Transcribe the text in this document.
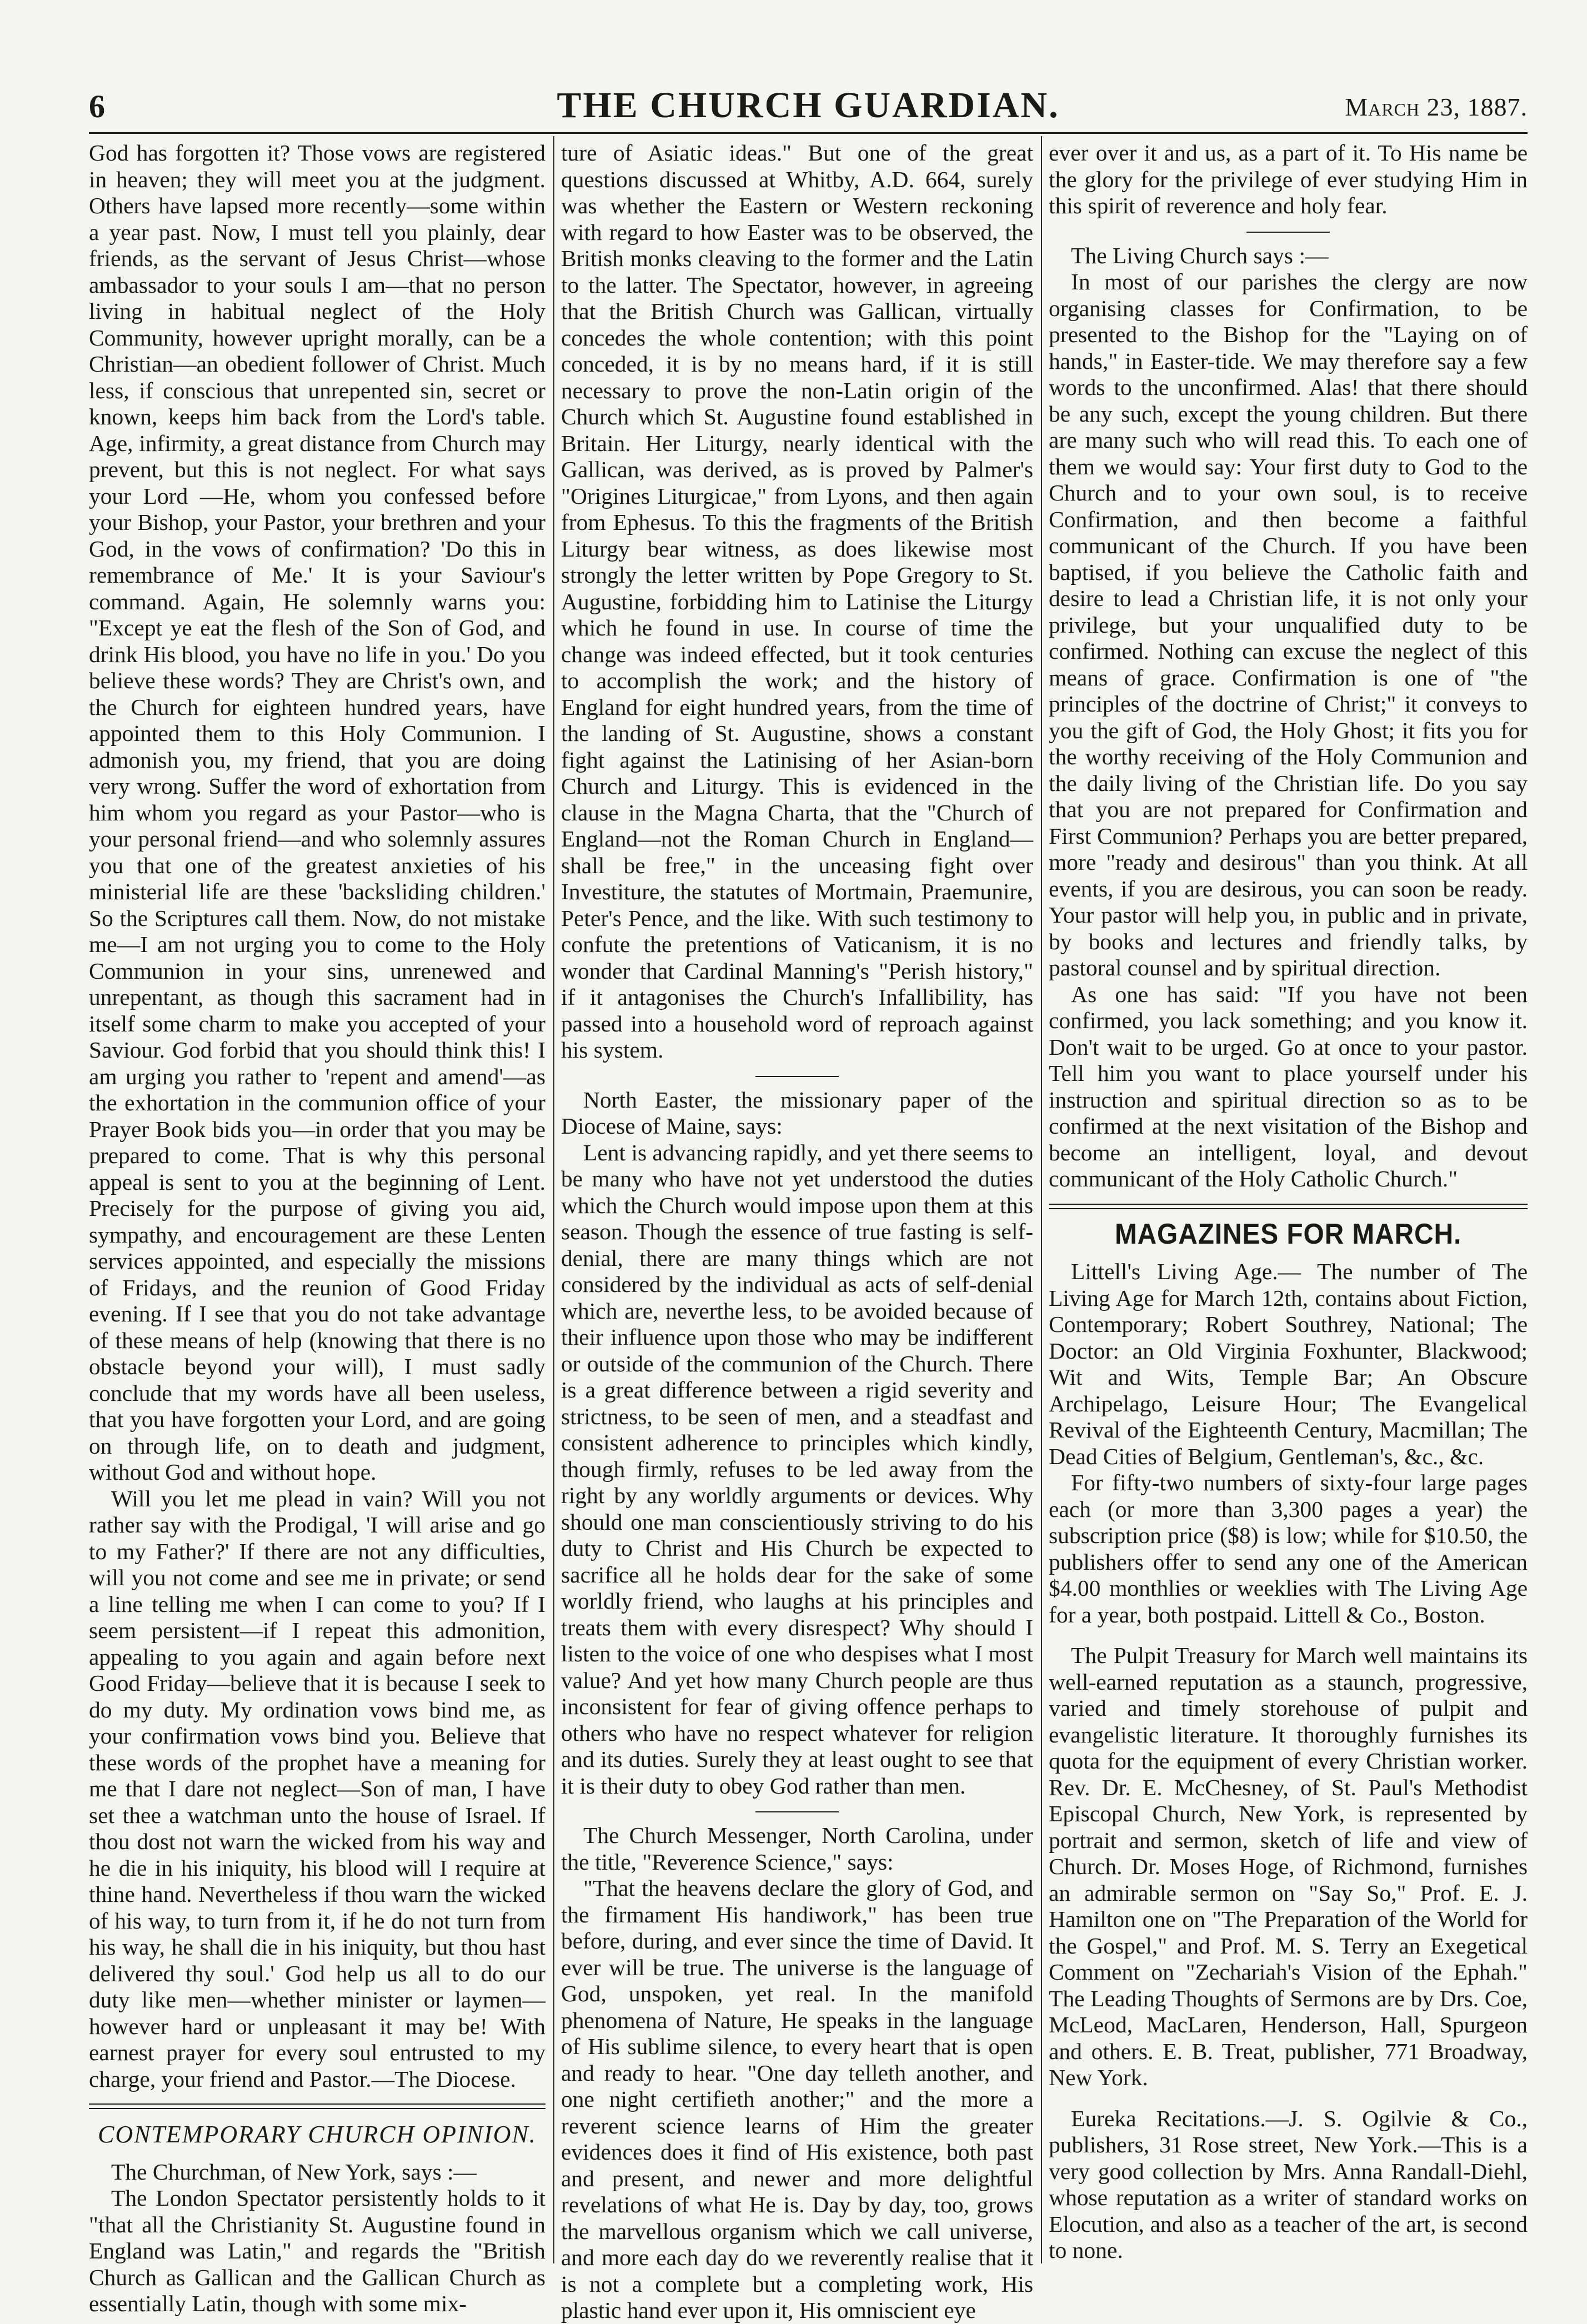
6	THE CHURCH GUARDIAN.	March 23, 1887.

God has forgotten it? Those vows are registered in heaven; they will meet you at the judgment. Others have lapsed more recently—some within a year past. Now, I must tell you plainly, dear friends, as the servant of Jesus Christ—whose ambassador to your souls I am—that no person living in habitual neglect of the Holy Community, however upright morally, can be a Christian—an obedient follower of Christ. Much less, if conscious that unrepented sin, secret or known, keeps him back from the Lord's table. Age, infirmity, a great distance from Church may prevent, but this is not neglect. For what says your Lord —He, whom you confessed before your Bishop, your Pastor, your brethren and your God, in the vows of confirmation? 'Do this in remembrance of Me.' It is your Saviour's command. Again, He solemnly warns you: "Except ye eat the flesh of the Son of God, and drink His blood, you have no life in you.' Do you believe these words? They are Christ's own, and the Church for eighteen hundred years, have appointed them to this Holy Communion. I admonish you, my friend, that you are doing very wrong. Suffer the word of exhortation from him whom you regard as your Pastor—who is your personal friend—and who solemnly assures you that one of the greatest anxieties of his ministerial life are these 'backsliding children.' So the Scriptures call them. Now, do not mistake me—I am not urging you to come to the Holy Communion in your sins, unrenewed and unrepentant, as though this sacrament had in itself some charm to make you accepted of your Saviour. God forbid that you should think this! I am urging you rather to 'repent and amend'—as the exhortation in the communion office of your Prayer Book bids you—in order that you may be prepared to come. That is why this personal appeal is sent to you at the beginning of Lent. Precisely for the purpose of giving you aid, sympathy, and encouragement are these Lenten services appointed, and especially the missions of Fridays, and the reunion of Good Friday evening. If I see that you do not take advantage of these means of help (knowing that there is no obstacle beyond your will), I must sadly conclude that my words have all been useless, that you have forgotten your Lord, and are going on through life, on to death and judgment, without God and without hope.

Will you let me plead in vain? Will you not rather say with the Prodigal, 'I will arise and go to my Father?' If there are not any difficulties, will you not come and see me in private; or send a line telling me when I can come to you? If I seem persistent—if I repeat this admonition, appealing to you again and again before next Good Friday—believe that it is because I seek to do my duty. My ordination vows bind me, as your confirmation vows bind you. Believe that these words of the prophet have a meaning for me that I dare not neglect—Son of man, I have set thee a watchman unto the house of Israel. If thou dost not warn the wicked from his way and he die in his iniquity, his blood will I require at thine hand. Nevertheless if thou warn the wicked of his way, to turn from it, if he do not turn from his way, he shall die in his iniquity, but thou hast delivered thy soul.' God help us all to do our duty like men—whether minister or laymen—however hard or unpleasant it may be! With earnest prayer for every soul entrusted to my charge, your friend and Pastor.—The Diocese.

CONTEMPORARY CHURCH OPINION.

The Churchman, of New York, says :—

The London Spectator persistently holds to it "that all the Christianity St. Augustine found in England was Latin," and regards the "British Church as Gallican and the Gallican Church as essentially Latin, though with some mix-

ture of Asiatic ideas." But one of the great questions discussed at Whitby, A.D. 664, surely was whether the Eastern or Western reckoning with regard to how Easter was to be observed, the British monks cleaving to the former and the Latin to the latter. The Spectator, however, in agreeing that the British Church was Gallican, virtually concedes the whole contention; with this point conceded, it is by no means hard, if it is still necessary to prove the non-Latin origin of the Church which St. Augustine found established in Britain. Her Liturgy, nearly identical with the Gallican, was derived, as is proved by Palmer's "Origines Liturgicae," from Lyons, and then again from Ephesus. To this the fragments of the British Liturgy bear witness, as does likewise most strongly the letter written by Pope Gregory to St. Augustine, forbidding him to Latinise the Liturgy which he found in use. In course of time the change was indeed effected, but it took centuries to accomplish the work; and the history of England for eight hundred years, from the time of the landing of St. Augustine, shows a constant fight against the Latinising of her Asian-born Church and Liturgy. This is evidenced in the clause in the Magna Charta, that the "Church of England—not the Roman Church in England—shall be free," in the unceasing fight over Investiture, the statutes of Mortmain, Praemunire, Peter's Pence, and the like. With such testimony to confute the pretentions of Vaticanism, it is no wonder that Cardinal Manning's "Perish history," if it antagonises the Church's Infallibility, has passed into a household word of reproach against his system.

North Easter, the missionary paper of the Diocese of Maine, says:

Lent is advancing rapidly, and yet there seems to be many who have not yet understood the duties which the Church would impose upon them at this season. Though the essence of true fasting is self-denial, there are many things which are not considered by the individual as acts of self-denial which are, neverthe less, to be avoided because of their influence upon those who may be indifferent or outside of the communion of the Church. There is a great difference between a rigid severity and strictness, to be seen of men, and a steadfast and consistent adherence to principles which kindly, though firmly, refuses to be led away from the right by any worldly arguments or devices. Why should one man conscientiously striving to do his duty to Christ and His Church be expected to sacrifice all he holds dear for the sake of some worldly friend, who laughs at his principles and treats them with every disrespect? Why should I listen to the voice of one who despises what I most value? And yet how many Church people are thus inconsistent for fear of giving offence perhaps to others who have no respect whatever for religion and its duties. Surely they at least ought to see that it is their duty to obey God rather than men.

The Church Messenger, North Carolina, under the title, "Reverence Science," says:

"That the heavens declare the glory of God, and the firmament His handiwork," has been true before, during, and ever since the time of David. It ever will be true. The universe is the language of God, unspoken, yet real. In the manifold phenomena of Nature, He speaks in the language of His sublime silence, to every heart that is open and ready to hear. "One day telleth another, and one night certifieth another;" and the more a reverent science learns of Him the greater evidences does it find of His existence, both past and present, and newer and more delightful revelations of what He is. Day by day, too, grows the marvellous organism which we call universe, and more each day do we reverently realise that it is not a complete but a completing work, His plastic hand ever upon it, His omniscient eye

ever over it and us, as a part of it. To His name be the glory for the privilege of ever studying Him in this spirit of reverence and holy fear.

The Living Church says :—

In most of our parishes the clergy are now organising classes for Confirmation, to be presented to the Bishop for the "Laying on of hands," in Easter-tide. We may therefore say a few words to the unconfirmed. Alas! that there should be any such, except the young children. But there are many such who will read this. To each one of them we would say: Your first duty to God to the Church and to your own soul, is to receive Confirmation, and then become a faithful communicant of the Church. If you have been baptised, if you believe the Catholic faith and desire to lead a Christian life, it is not only your privilege, but your unqualified duty to be confirmed. Nothing can excuse the neglect of this means of grace. Confirmation is one of "the principles of the doctrine of Christ;" it conveys to you the gift of God, the Holy Ghost; it fits you for the worthy receiving of the Holy Communion and the daily living of the Christian life. Do you say that you are not prepared for Confirmation and First Communion? Perhaps you are better prepared, more "ready and desirous" than you think. At all events, if you are desirous, you can soon be ready. Your pastor will help you, in public and in private, by books and lectures and friendly talks, by pastoral counsel and by spiritual direction.

As one has said: "If you have not been confirmed, you lack something; and you know it. Don't wait to be urged. Go at once to your pastor. Tell him you want to place yourself under his instruction and spiritual direction so as to be confirmed at the next visitation of the Bishop and become an intelligent, loyal, and devout communicant of the Holy Catholic Church."

MAGAZINES FOR MARCH.

Littell's Living Age.— The number of The Living Age for March 12th, contains about Fiction, Contemporary; Robert Southrey, National; The Doctor: an Old Virginia Foxhunter, Blackwood; Wit and Wits, Temple Bar; An Obscure Archipelago, Leisure Hour; The Evangelical Revival of the Eighteenth Century, Macmillan; The Dead Cities of Belgium, Gentleman's, &c., &c.

For fifty-two numbers of sixty-four large pages each (or more than 3,300 pages a year) the subscription price ($8) is low; while for $10.50, the publishers offer to send any one of the American $4.00 monthlies or weeklies with The Living Age for a year, both postpaid. Littell & Co., Boston.

The Pulpit Treasury for March well maintains its well-earned reputation as a staunch, progressive, varied and timely storehouse of pulpit and evangelistic literature. It thoroughly furnishes its quota for the equipment of every Christian worker. Rev. Dr. E. McChesney, of St. Paul's Methodist Episcopal Church, New York, is represented by portrait and sermon, sketch of life and view of Church. Dr. Moses Hoge, of Richmond, furnishes an admirable sermon on "Say So," Prof. E. J. Hamilton one on "The Preparation of the World for the Gospel," and Prof. M. S. Terry an Exegetical Comment on "Zechariah's Vision of the Ephah." The Leading Thoughts of Sermons are by Drs. Coe, McLeod, MacLaren, Henderson, Hall, Spurgeon and others. E. B. Treat, publisher, 771 Broadway, New York.

Eureka Recitations.—J. S. Ogilvie & Co., publishers, 31 Rose street, New York.—This is a very good collection by Mrs. Anna Randall-Diehl, whose reputation as a writer of standard works on Elocution, and also as a teacher of the art, is second to none.
